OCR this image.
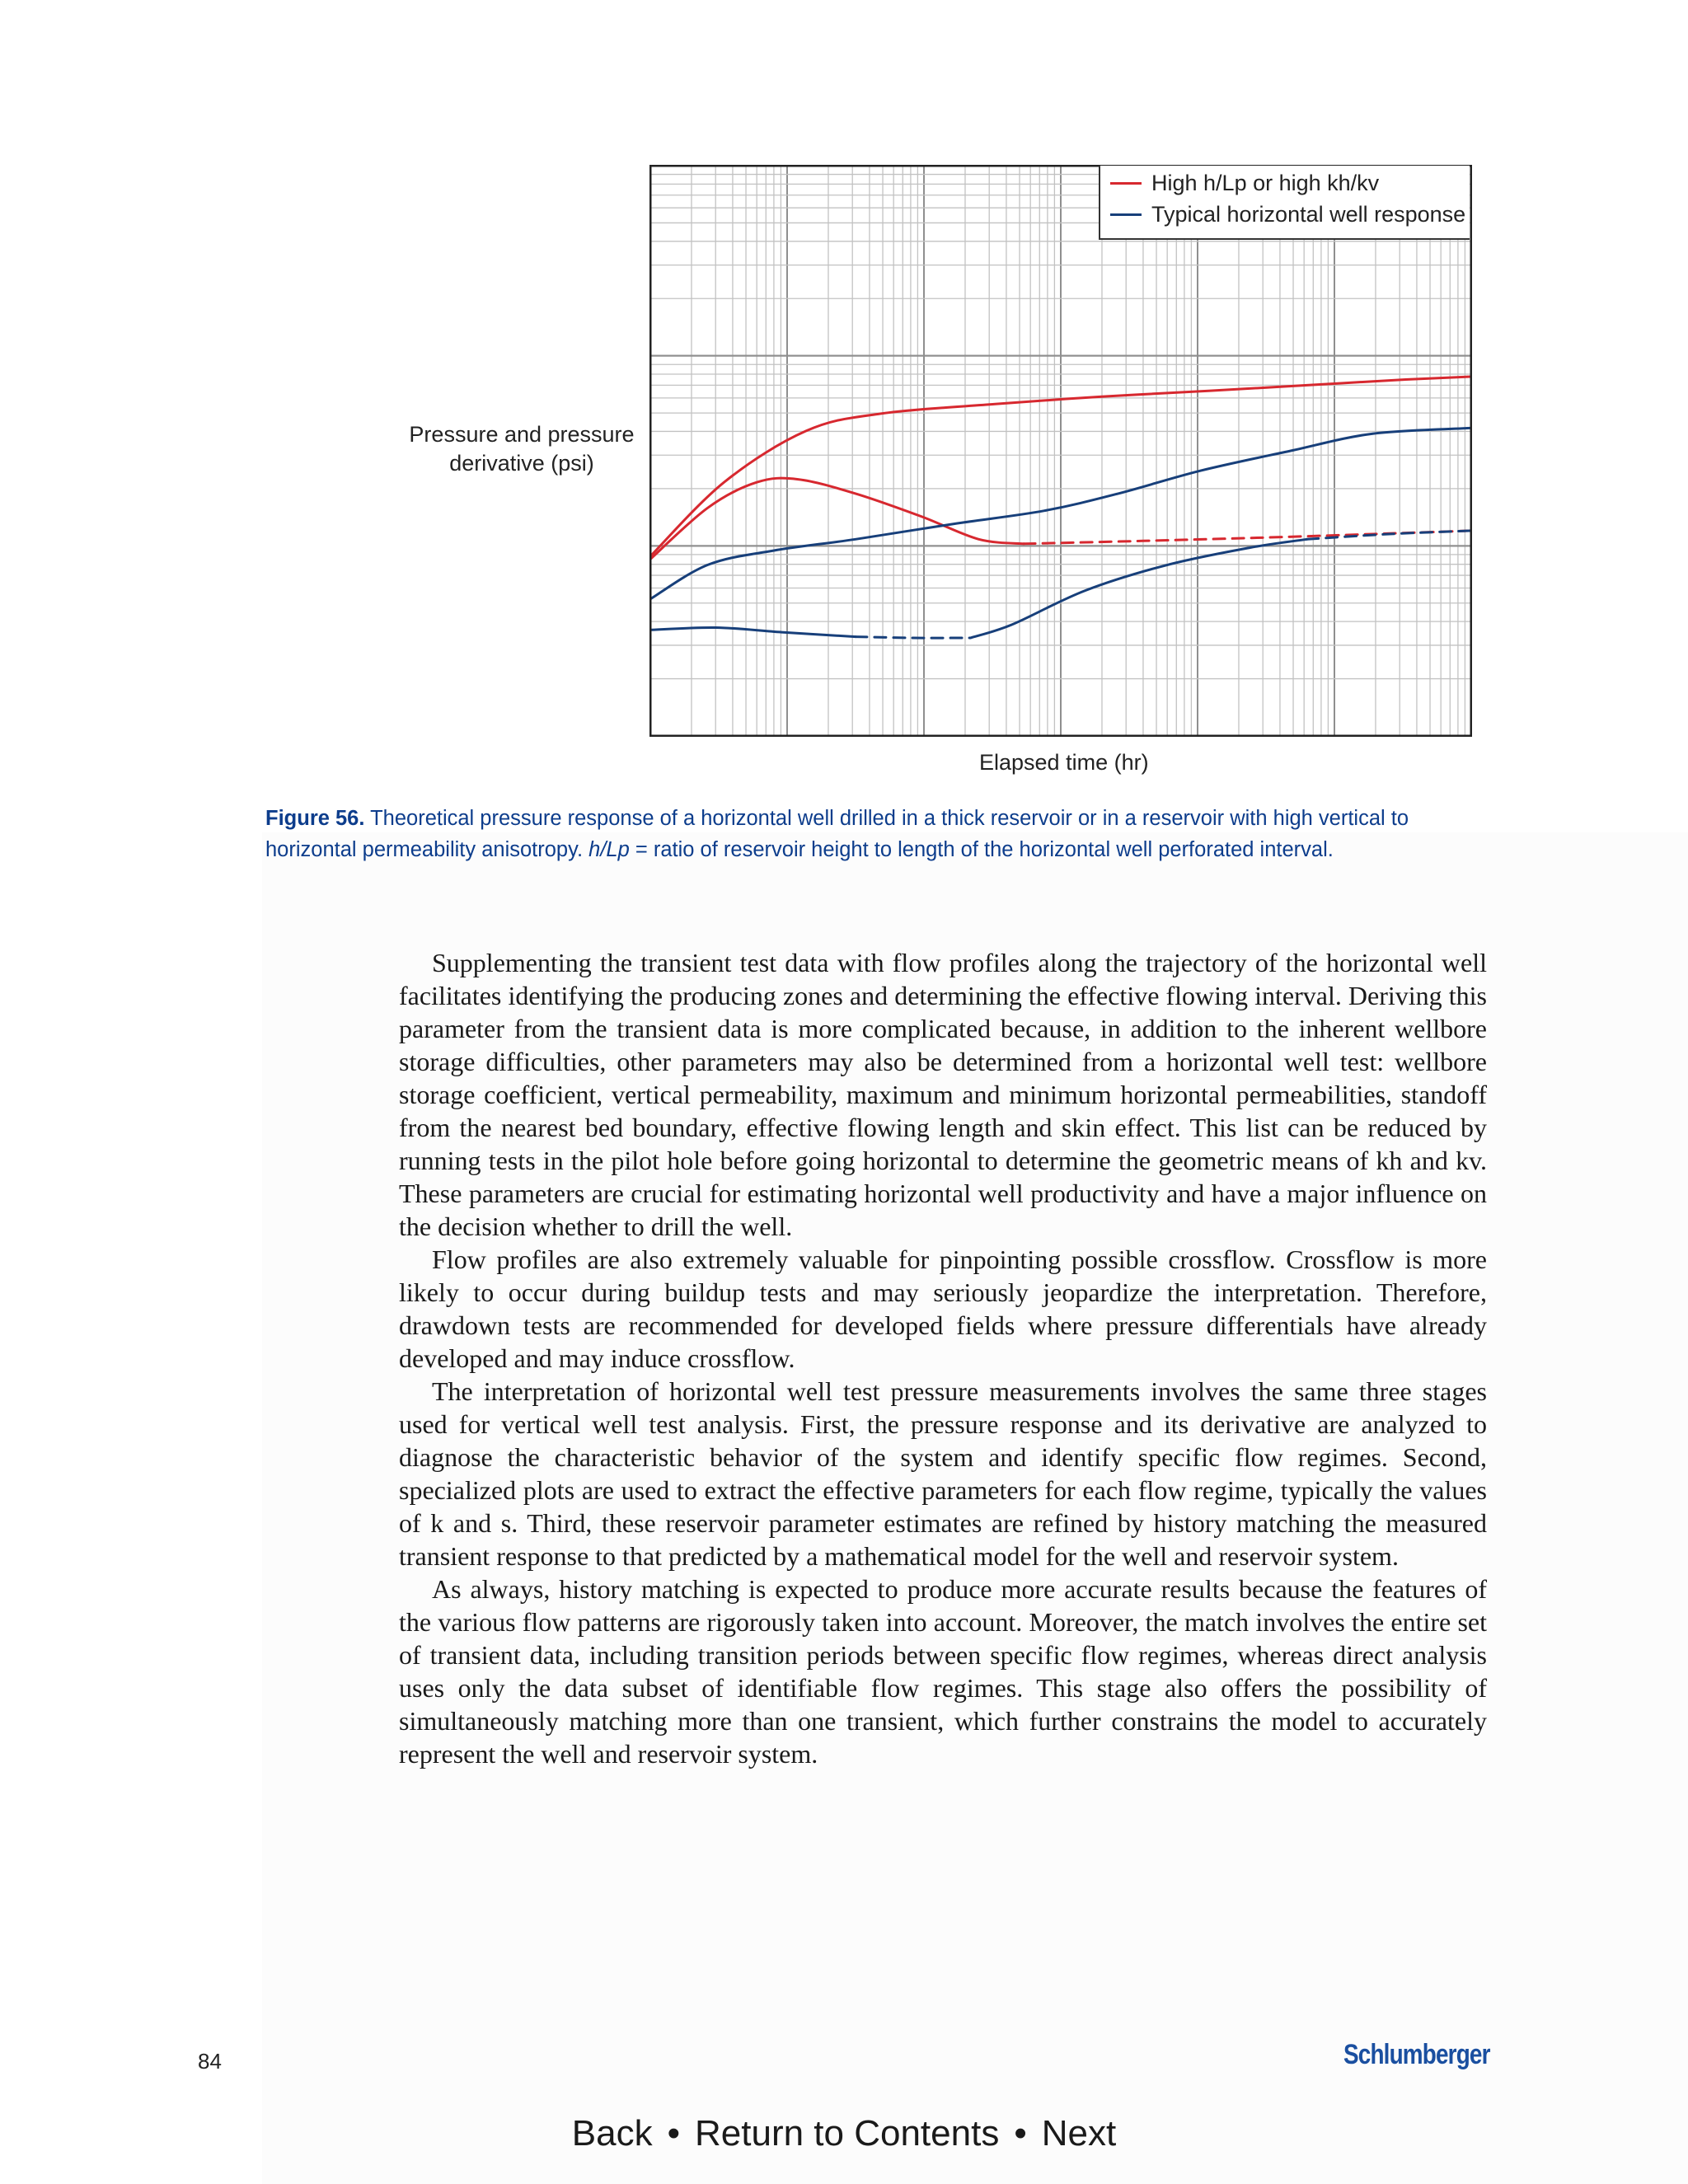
Pressure and pressure derivative (psi)
High h/Lp or high kh/kv
Typical horizontal well response
Elapsed time (hr)
Figure 56. Theoretical pressure response of a horizontal well drilled in a thick reservoir or in a reservoir with high vertical to horizontal permeability anisotropy. h/Lp = ratio of reservoir height to length of the horizontal well perforated interval.

Supplementing the transient test data with flow profiles along the trajectory of the horizontal well facilitates identifying the producing zones and determining the effective flowing interval. Deriving this parameter from the transient data is more complicated because, in addition to the inherent wellbore storage difficulties, other parameters may also be determined from a horizontal well test: wellbore storage coefficient, vertical permeability, maximum and minimum horizontal permeabilities, standoff from the nearest bed boundary, effective flowing length and skin effect. This list can be reduced by running tests in the pilot hole before going horizontal to determine the geometric means of kh and kv. These parameters are crucial for estimating horizontal well productivity and have a major influence on the decision whether to drill the well.

Flow profiles are also extremely valuable for pinpointing possible crossflow. Crossflow is more likely to occur during buildup tests and may seriously jeopardize the interpretation. Therefore, drawdown tests are recommended for developed fields where pressure differentials have already developed and may induce crossflow.

The interpretation of horizontal well test pressure measurements involves the same three stages used for vertical well test analysis. First, the pressure response and its derivative are analyzed to diagnose the characteristic behavior of the system and identify specific flow regimes. Second, specialized plots are used to extract the effective parameters for each flow regime, typically the values of k and s. Third, these reservoir parameter estimates are refined by history matching the measured transient response to that predicted by a mathematical model for the well and reservoir system.

As always, history matching is expected to produce more accurate results because the features of the various flow patterns are rigorously taken into account. Moreover, the match involves the entire set of transient data, including transition periods between specific flow regimes, whereas direct analysis uses only the data subset of identifiable flow regimes. This stage also offers the possibility of simultaneously matching more than one transient, which further constrains the model to accurately represent the well and reservoir system.

84	Schlumberger
Back • Return to Contents • Next
